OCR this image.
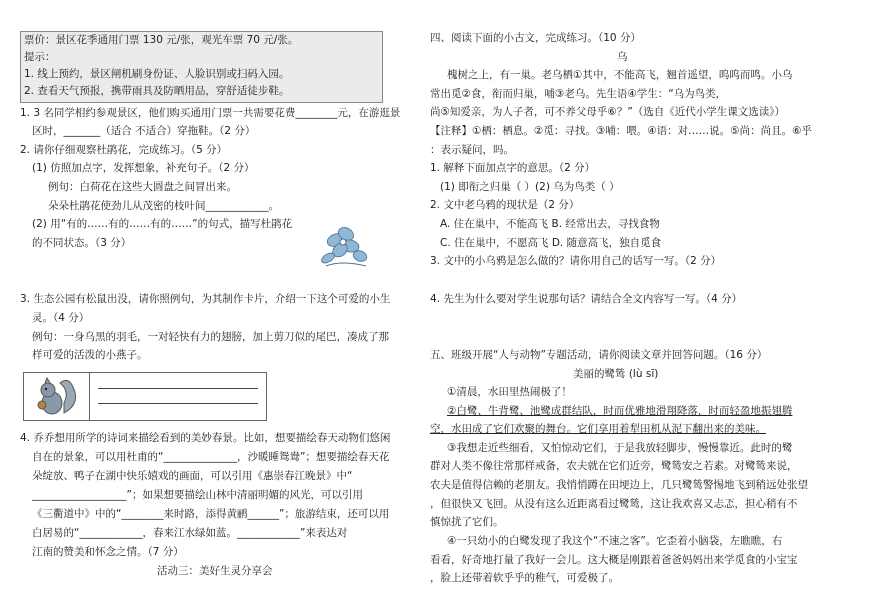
票价：景区花季通用门票 130 元/张，观光车票 70 元/张。
提示：
1. 线上预约，景区闸机刷身份证、人脸识别或扫码入园。
2. 查看天气预报，携带雨具及防晒用品，穿舒适徒步鞋。
1. 3 名同学相约参观景区，他们购买通用门票一共需要花费________元，在游逛景
区时，_______（适合 不适合）穿拖鞋。（2 分）
2. 请你仔细观察杜鹃花，完成练习。（5 分）
(1) 仿照加点字，发挥想象，补充句子。（2 分）
例句：白荷花在这些大圆盘之间冒出来。
朵朵杜鹃花使劲儿从茂密的枝叶间____________。
(2) 用“有的……有的……有的……”的句式，描写杜鹃花
的不同状态。（3 分）
3. 生态公园有松鼠出没，请你照例句，为其制作卡片，介绍一下这个可爱的小生
灵。（4 分）
例句：一身乌黑的羽毛，一对轻快有力的翅膀，加上剪刀似的尾巴，凑成了那
样可爱的活泼的小燕子。
4. 乔乔想用所学的诗词来描绘看到的美妙春景。比如，想要描绘春天动物们悠闲
自在的景象，可以用杜甫的“______________，沙暖睡鸳鸯”；想要描绘春天花
朵绽放、鸭子在湖中快乐嬉戏的画面，可以引用《惠崇春江晚景》中“
__________________”；如果想要描绘山林中清丽明媚的风光，可以引用
《三衢道中》中的“________来时路，添得黄鹂______”；旅游结束，还可以用
白居易的“____________，春来江水绿如蓝。____________”来表达对
江南的赞美和怀念之情。（7 分）
活动三：美好生灵分享会
四、阅读下面的小古文，完成练习。（10 分）
乌
槐树之上，有一巢。老乌栖①其中，不能高飞，翘首遥望，呜呜而鸣。小乌
常出觅②食，衔而归巢，哺③老乌。先生语④学生：“乌为鸟类，
尚⑤知爱亲，为人子者，可不养父母乎⑥？”（选自《近代小学生课文选读》）
【注释】①栖：栖息。②觅：寻找。③哺：喂。④语：对……说。⑤尚：尚且。⑥乎
：表示疑问，吗。
1. 解释下面加点字的意思。（2 分）
(1) 即衔之归巢（ ）(2) 乌为鸟类（ ）
2. 文中老乌鸦的现状是（2 分）
A. 住在巢中，不能高飞 B. 经常出去，寻找食物
C. 住在巢中，不愿高飞 D. 随意高飞，独自觅食
3. 文中的小乌鸦是怎么做的？请你用自己的话写一写。（2 分）
4. 先生为什么要对学生说那句话？请结合全文内容写一写。（4 分）
五、班级开展“人与动物”专题活动，请你阅读文章并回答问题。（16 分）
美丽的鹭鸶 (lù sī)
①清晨，水田里热闹极了！
②白鹭、牛背鹭、池鹭成群结队，时而优雅地滑翔降落，时而轻盈地振翅腾
空，水田成了它们欢聚的舞台。它们享用着犁田机从泥下翻出来的美味。
③我想走近些细看，又怕惊动它们，于是我放轻脚步，慢慢靠近。此时的鹭
群对人类不像往常那样戒备，农夫就在它们近旁，鹭鸶安之若素。对鹭鸶来说，
农夫是值得信赖的老朋友。我悄悄蹲在田埂边上，几只鹭鸶警惕地飞到稍远处张望
，但很快又飞回。从没有这么近距离看过鹭鸶，这让我欢喜又忐忑，担心稍有不
慎惊扰了它们。
④一只幼小的白鹭发现了我这个“不速之客”。它歪着小脑袋，左瞧瞧，右
看看，好奇地打量了我好一会儿。这大概是刚跟着爸爸妈妈出来学觅食的小宝宝
，脸上还带着软乎乎的稚气，可爱极了。
